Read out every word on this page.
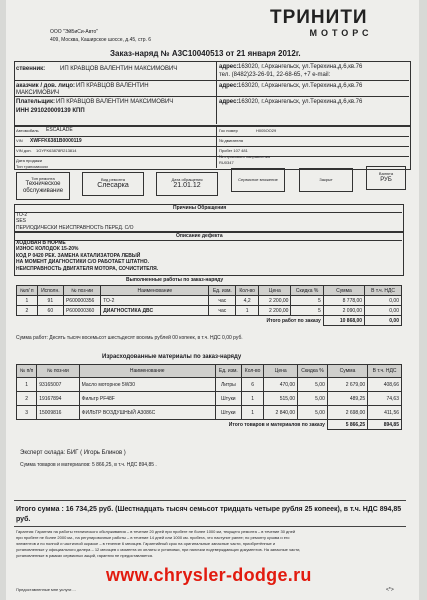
ООО "ЭйБиСи-Авто"
409, Москва, Каширское шоссе, д.45, стр. 6
ТРИНИТИ
МОТОРС
Заказ-наряд № А3С10040513 от 21 января 2012г.
ственник: ИП КРАВЦОВ ВАЛЕНТИН МАКСИМОВИЧ	адрес: 163020, г.Архангельск, ул.Терехина,д.6,кв.76
тел. (8482)23-26-91, 22-68-65, +7 e-mail:
аказчик / дов. лицо: ИП КРАВЦОВ ВАЛЕНТИН
МАКСИМОВИЧ
адрес: 163020, г.Архангельск, ул.Терехина,д.6,кв.76
Плательщик: ИП КРАВЦОВ ВАЛЕНТИН МАКСИМОВИЧ	адрес: 163020, г.Архангельск, ул.Терехина,д.6,кв.76
ИНН 291020009139 КПП
Автомобиль ESCALADE
VIN XWFFK6381B0000119
VIN доп. 1GYFK63878R213814
Дата продажи
Тип трансмиссии
Гос номер	Н005ОО29
№ двигателя
Пробег 107 481
№ страхового направления
RU0347
Тип ремонта
Техническое обслуживание
Вид ремонта
Слесарка
Дата обращения
21.01.12
Сервисное вложение	Закрыт
Валюта
РУБ
Причины Обращения
ТО-2
SES
ПЕРИОДИЧЕСКИ НЕИСПРАВНОСТЬ ПЕРЕД. С/О
Описание дефекта
ХОДОВАЯ В НОРМЕ
ИЗНОС КОЛОДОК 15-20%
КОД P 0420 РЕК. ЗАМЕНА КАТАЛИЗАТОРА ЛЕВЫЙ
НА МОМЕНТ ДИАГНОСТИКИ С/О РАБОТАЕТ ШТАТНО.
НЕИСПРАВНОСТЬ ДВИГАТЕЛЯ МОТОРА, СОЧИСТИТЕЛЯ.
Выполненные работы по заказ-наряду
№п/ п	Исполн.	№ поз-ии	Наименование	Ед. изм.	Кол-во	Цена	Скидка %	Сумма	В т.ч. НДС
1	91	Р600000356	ТО-2	час	4,2	2 200,00	5	8 778,00	0,00
2	60	Р600000360	ДИАГНОСТИКА ДВС	час	1	2 200,00	5	2 090,00	0,00
Итого работ по заказу								10 868,00	0,00
Сумма работ: Десять тысяч восемьсот шестьдесят восемь рублей 00 копеек, в т.ч. НДС 0,00 руб.
Израсходованные материалы по заказ-наряду
№ п/п	№ поз-ии	Наименование	Ед. изм.	Кол-во	Цена	Скидка %	Сумма	В т.ч. НДС
1	93165007	Масло моторное 5W30	Литры	6	470,00	5,00	2 679,00	408,66
2	19167894	Фильтр PF48F	Штуки	1	515,00	5,00	489,25	74,63
3	15009816	ФИЛЬТР ВОЗДУШНЫЙ А3086С	Штуки	1	2 840,00	5,00	2 698,00	411,56
Итого товаров и материалов по заказу							5 866,25	894,85
Эксперт склада: БИГ ( Игорь Блинов )
Сумма товаров и материалов: 5 866,25, в т.ч. НДС 894,85 .
Итого сумма : 16 734,25 руб. (Шестнадцать тысяч семьсот тридцать четыре рубля 25 копеек), в т.ч. НДС 894,85 руб.
Гарантия: Гарантия на работы технического обслуживания – в течение 20 дней при пробеге не более 1000 км, текущего ремонта – в течение 30 дней
при пробеге не более 2000 км., на регулировочные работы – в течение 14 дней или 1000 км. пробега, что наступит ранее; по ремонту кузова и его
элементов и по полной и частичной окраске – в течение 6 месяцев. Гарантийный срок на оригинальные запасные части, приобретённые и
установленные у официального дилера – 12 месяцев с момента их оплаты и установки, при наличии подтверждающих документов. На запасные части,
установленные в рамках сервисных акций, гарантия не предоставляется.
Предоставленные мне услуги ...	<*>
www.chrysler-dodge.ru
